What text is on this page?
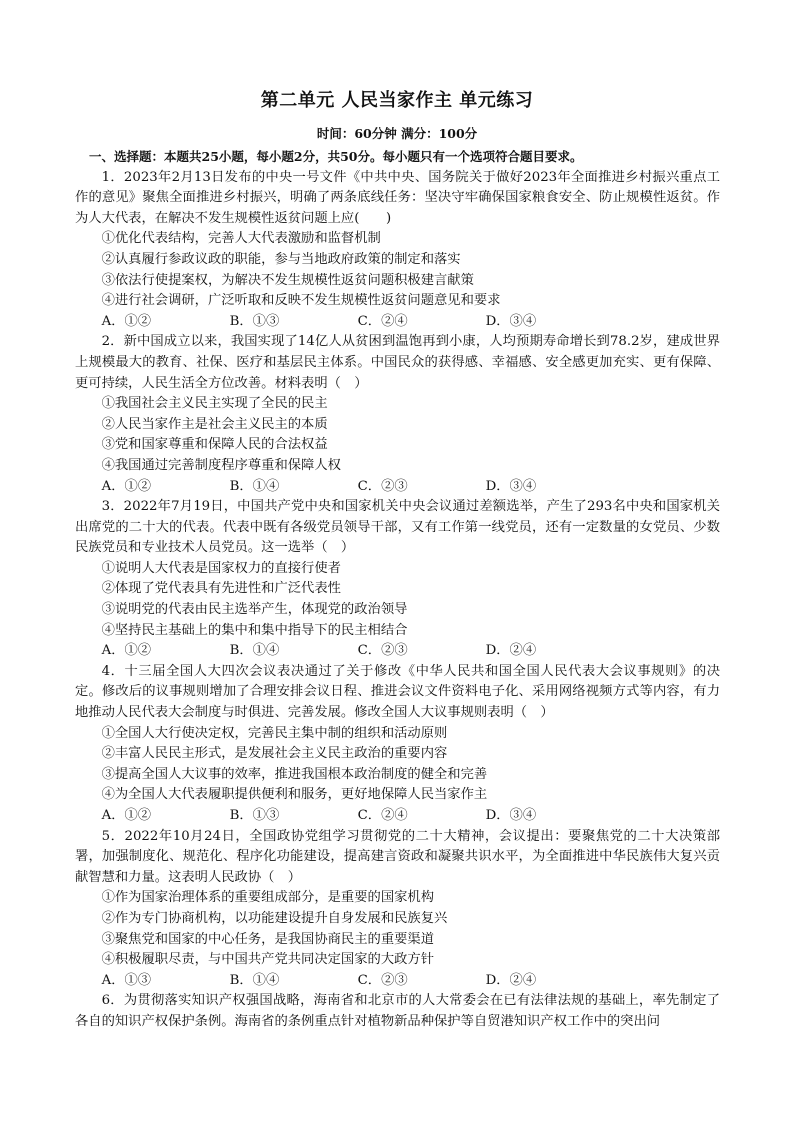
第二单元 人民当家作主 单元练习
时间：60分钟 满分：100分
一、选择题：本题共25小题，每小题2分，共50分。每小题只有一个选项符合题目要求。

1．2023年2月13日发布的中央一号文件《中共中央、国务院关于做好2023年全面推进乡村振兴重点工作的意见》聚焦全面推进乡村振兴，明确了两条底线任务：坚决守牢确保国家粮食安全、防止规模性返贫。作为人大代表，在解决不发生规模性返贫问题上应(　　)

①优化代表结构，完善人大代表激励和监督机制

②认真履行参政议政的职能，参与当地政府政策的制定和落实

③依法行使提案权，为解决不发生规模性返贫问题积极建言献策

④进行社会调研，广泛听取和反映不发生规模性返贫问题意见和要求

A．①②	B．①③	C．②④	D．③④

2．新中国成立以来，我国实现了14亿人从贫困到温饱再到小康，人均预期寿命增长到78.2岁，建成世界上规模最大的教育、社保、医疗和基层民主体系。中国民众的获得感、幸福感、安全感更加充实、更有保障、更可持续，人民生活全方位改善。材料表明（　）

①我国社会主义民主实现了全民的民主

②人民当家作主是社会主义民主的本质

③党和国家尊重和保障人民的合法权益

④我国通过完善制度程序尊重和保障人权

A．①②	B．①④	C．②③	D．③④

3．2022年7月19日，中国共产党中央和国家机关中央会议通过差额选举，产生了293名中央和国家机关出席党的二十大的代表。代表中既有各级党员领导干部，又有工作第一线党员，还有一定数量的女党员、少数民族党员和专业技术人员党员。这一选举（　）

①说明人大代表是国家权力的直接行使者

②体现了党代表具有先进性和广泛代表性

③说明党的代表由民主选举产生，体现党的政治领导

④坚持民主基础上的集中和集中指导下的民主相结合

A．①②	B．①④	C．②③	D．②④

4．十三届全国人大四次会议表决通过了关于修改《中华人民共和国全国人民代表大会议事规则》的决定。修改后的议事规则增加了合理安排会议日程、推进会议文件资料电子化、采用网络视频方式等内容，有力地推动人民代表大会制度与时俱进、完善发展。修改全国人大议事规则表明（　）

①全国人大行使决定权，完善民主集中制的组织和活动原则

②丰富人民民主形式，是发展社会主义民主政治的重要内容

③提高全国人大议事的效率，推进我国根本政治制度的健全和完善

④为全国人大代表履职提供便利和服务，更好地保障人民当家作主

A．①②	B．①③	C．②④	D．③④

5．2022年10月24日，全国政协党组学习贯彻党的二十大精神，会议提出：要聚焦党的二十大决策部署，加强制度化、规范化、程序化功能建设，提高建言资政和凝聚共识水平，为全面推进中华民族伟大复兴贡献智慧和力量。这表明人民政协（　）

①作为国家治理体系的重要组成部分，是重要的国家机构

②作为专门协商机构，以功能建设提升自身发展和民族复兴

③聚焦党和国家的中心任务，是我国协商民主的重要渠道

④积极履职尽责，与中国共产党共同决定国家的大政方针

A．①③	B．①④	C．②③	D．②④

6．为贯彻落实知识产权强国战略，海南省和北京市的人大常委会在已有法律法规的基础上，率先制定了各自的知识产权保护条例。海南省的条例重点针对植物新品种保护等自贸港知识产权工作中的突出问
